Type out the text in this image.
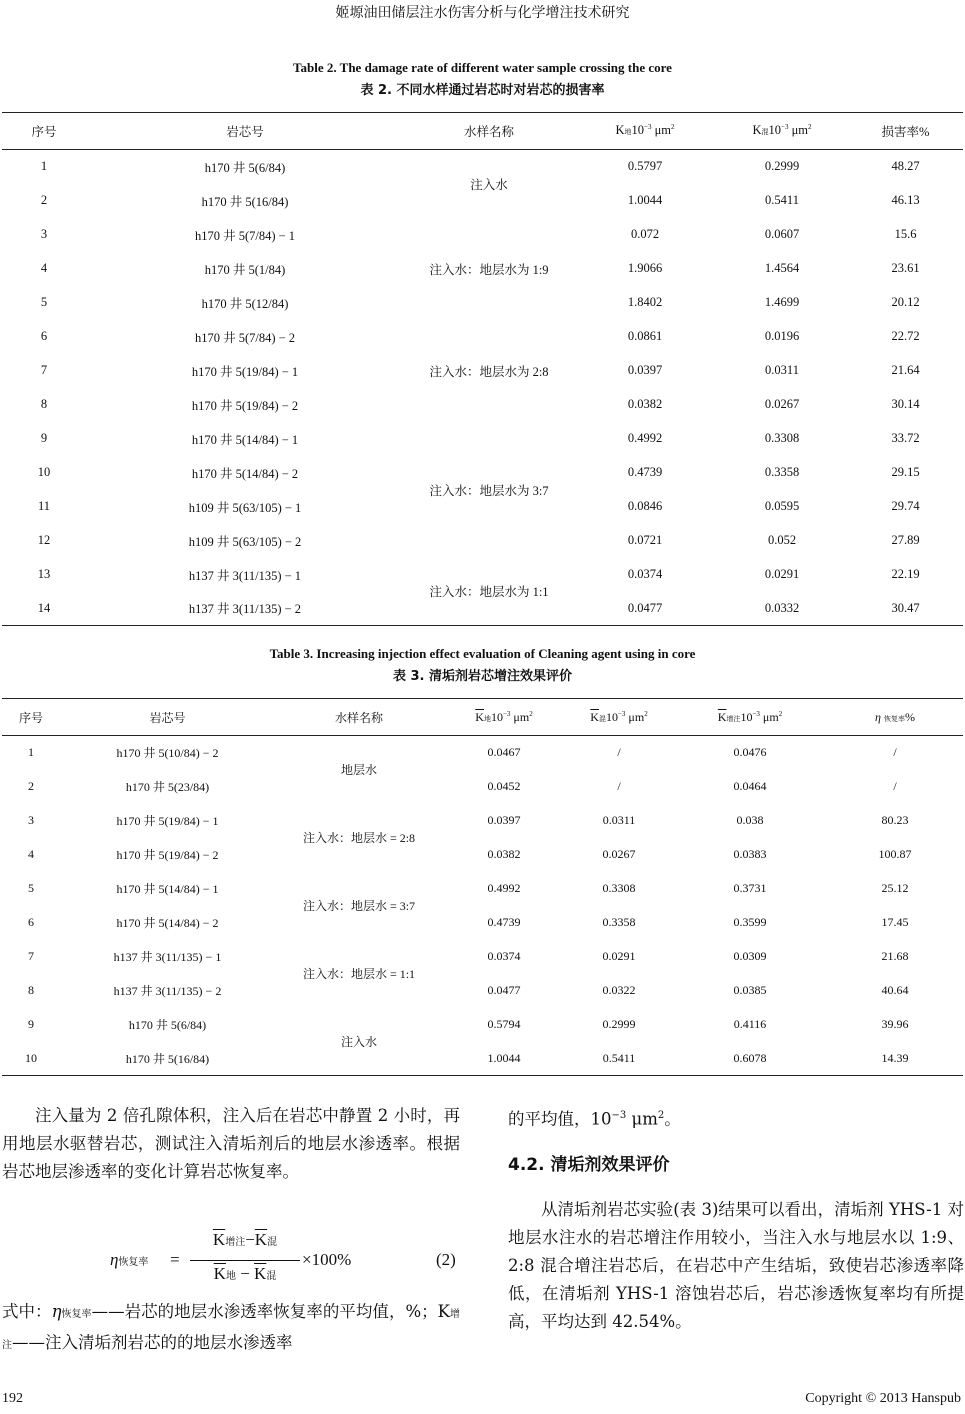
姬塬油田储层注水伤害分析与化学增注技术研究
Table 2. The damage rate of different water sample crossing the core
表 2. 不同水样通过岩芯时对岩芯的损害率
序号	岩芯号	水样名称	K地$10^{-3}$ $\mu m^2$	K混$10^{-3}$ $\mu m^2$	损害率%
1	h170 井 5(6/84)	注入水	0.5797	0.2999	48.27
2	h170 井 5(16/84)		1.0044	0.5411	46.13
3	h170 井 5(7/84) − 1	注入水：地层水为 1:9	0.072	0.0607	15.6
4	h170 井 5(1/84)		1.9066	1.4564	23.61
5	h170 井 5(12/84)		1.8402	1.4699	20.12
6	h170 井 5(7/84) − 2	注入水：地层水为 2:8	0.0861	0.0196	22.72
7	h170 井 5(19/84) − 1		0.0397	0.0311	21.64
8	h170 井 5(19/84) − 2		0.0382	0.0267	30.14
9	h170 井 5(14/84) − 1	注入水：地层水为 3:7	0.4992	0.3308	33.72
10	h170 井 5(14/84) − 2		0.4739	0.3358	29.15
11	h109 井 5(63/105) − 1		0.0846	0.0595	29.74
12	h109 井 5(63/105) − 2		0.0721	0.052	27.89
13	h137 井 3(11/135) − 1	注入水：地层水为 1:1	0.0374	0.0291	22.19
14	h137 井 3(11/135) − 2		0.0477	0.0332	30.47
Table 3. Increasing injection effect evaluation of Cleaning agent using in core
表 3. 清垢剂岩芯增注效果评价
序号	岩芯号	水样名称	$\overline{K}$地$10^{-3}$ $\mu m^2$	$\overline{K}$混$10^{-3}$ $\mu m^2$	$\overline{K}$增注$10^{-3}$ $\mu m^2$	η 恢复率%
1	h170 井 5(10/84) − 2	地层水	0.0467	/	0.0476	/
2	h170 井 5(23/84)		0.0452	/	0.0464	/
3	h170 井 5(19/84) − 1	注入水：地层水 = 2:8	0.0397	0.0311	0.038	80.23
4	h170 井 5(19/84) − 2		0.0382	0.0267	0.0383	100.87
5	h170 井 5(14/84) − 1	注入水：地层水 = 3:7	0.4992	0.3308	0.3731	25.12
6	h170 井 5(14/84) − 2		0.4739	0.3358	0.3599	17.45
7	h137 井 3(11/135) − 1	注入水：地层水 = 1:1	0.0374	0.0291	0.0309	21.68
8	h137 井 3(11/135) − 2		0.0477	0.0322	0.0385	40.64
9	h170 井 5(6/84)	注入水	0.5794	0.2999	0.4116	39.96
10	h170 井 5(16/84)		1.0044	0.5411	0.6078	14.39

注入量为 2 倍孔隙体积，注入后在岩芯中静置 2 小时，再用地层水驱替岩芯，测试注入清垢剂后的地层水渗透率。根据岩芯地层渗透率的变化计算岩芯恢复率。

η恢复率 =
$\overline{K}$增注$-\overline{K}$混
$\overline{K}$地 − $\overline{K}$混
×100%	(2)

式中：η恢复率——岩芯的地层水渗透率恢复率的平均值，%；K增注——注入清垢剂岩芯的的地层水渗透率

的平均值，$10^{-3}$ $\mu m^2$。

4.2. 清垢剂效果评价

从清垢剂岩芯实验(表 3)结果可以看出，清垢剂 YHS-1 对地层水注水的岩芯增注作用较小，当注入水与地层水以 1:9、2:8 混合增注岩芯后，在岩芯中产生结垢，致使岩芯渗透率降低，在清垢剂 YHS-1 溶蚀岩芯后，岩芯渗透恢复率均有所提高，平均达到 42.54%。

192	Copyright © 2013 Hanspub
